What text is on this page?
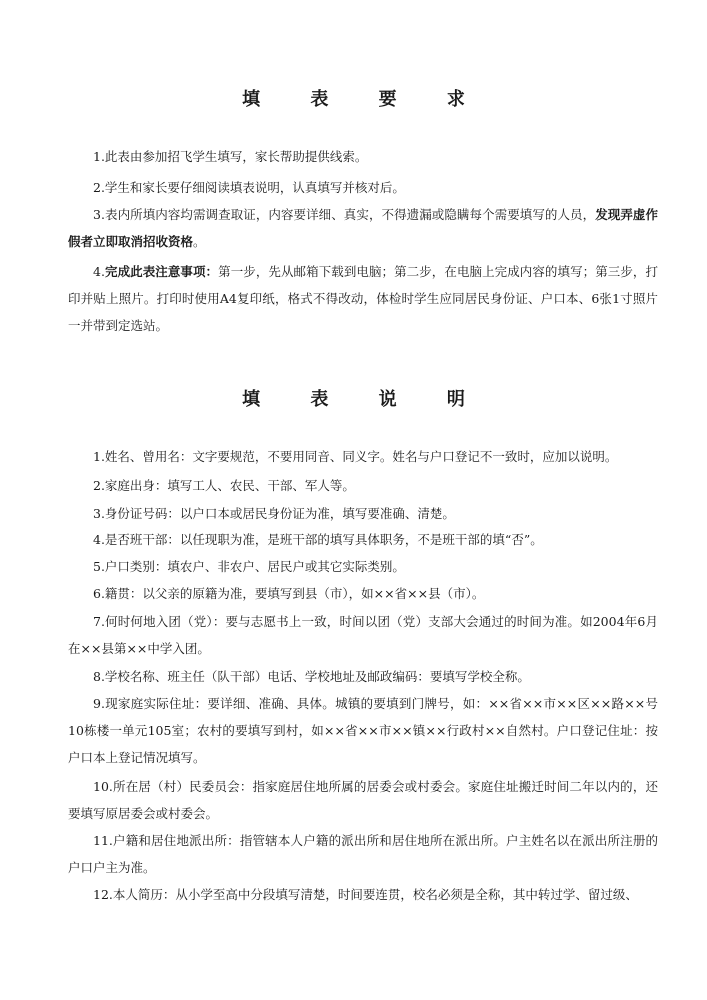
填 表 要 求

1.此表由参加招飞学生填写，家长帮助提供线索。

2.学生和家长要仔细阅读填表说明，认真填写并核对后。

3.表内所填内容均需调查取证，内容要详细、真实，不得遗漏或隐瞒每个需要填写的人员，发现弄虚作假者立即取消招收资格。

4.完成此表注意事项：第一步，先从邮箱下载到电脑；第二步，在电脑上完成内容的填写；第三步，打印并贴上照片。打印时使用A4复印纸，格式不得改动，体检时学生应同居民身份证、户口本、6张1寸照片一并带到定选站。

填 表 说 明

1.姓名、曾用名：文字要规范，不要用同音、同义字。姓名与户口登记不一致时，应加以说明。

2.家庭出身：填写工人、农民、干部、军人等。

3.身份证号码：以户口本或居民身份证为准，填写要准确、清楚。

4.是否班干部：以任现职为准，是班干部的填写具体职务，不是班干部的填“否”。

5.户口类别：填农户、非农户、居民户或其它实际类别。

6.籍贯：以父亲的原籍为准，要填写到县（市），如××省××县（市）。

7.何时何地入团（党）：要与志愿书上一致，时间以团（党）支部大会通过的时间为准。如2004年6月在××县第××中学入团。

8.学校名称、班主任（队干部）电话、学校地址及邮政编码：要填写学校全称。

9.现家庭实际住址：要详细、准确、具体。城镇的要填到门牌号，如：××省××市××区××路××号10栋楼一单元105室；农村的要填写到村，如××省××市××镇××行政村××自然村。户口登记住址：按户口本上登记情况填写。

10.所在居（村）民委员会：指家庭居住地所属的居委会或村委会。家庭住址搬迁时间二年以内的，还要填写原居委会或村委会。

11.户籍和居住地派出所：指管辖本人户籍的派出所和居住地所在派出所。户主姓名以在派出所注册的户口户主为准。

12.本人简历：从小学至高中分段填写清楚，时间要连贯，校名必须是全称，其中转过学、留过级、
